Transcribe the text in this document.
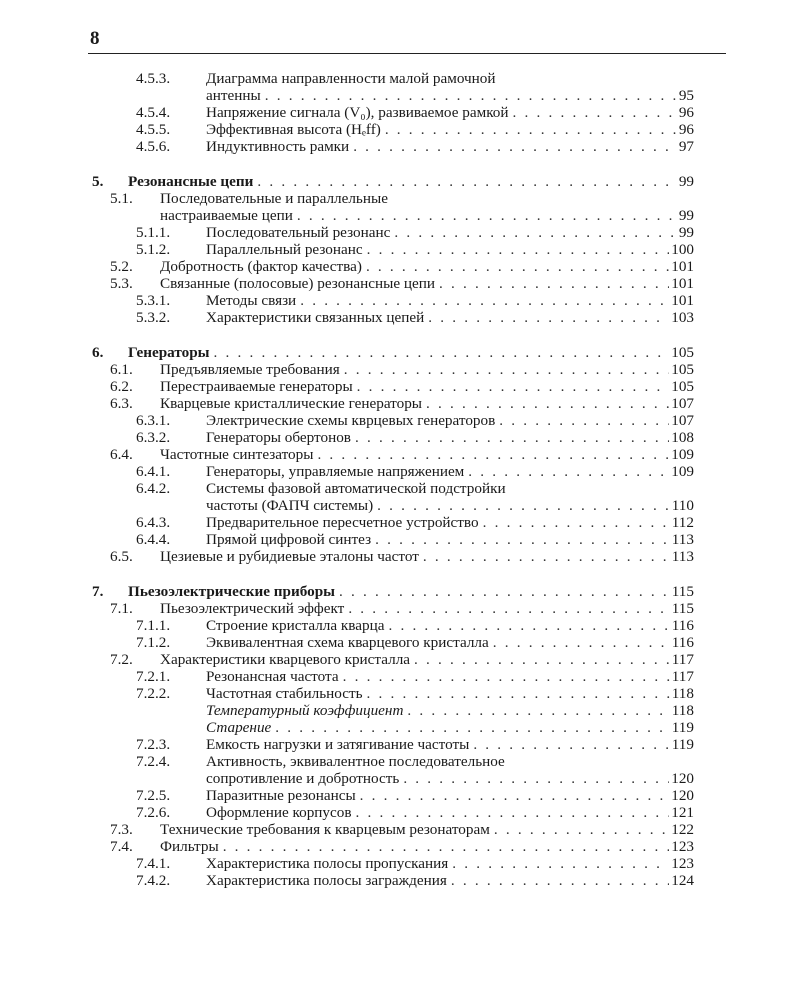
8
4.5.3. Диаграмма направленности малой рамочной
антенны . . .	95
4.5.4. Напряжение сигнала (V₀), развиваемое рамкой . . .	96
4.5.5. Эффективная высота (Hₑff) . . .	96
4.5.6. Индуктивность рамки . . .	97
5. Резонансные цепи . . .	99
5.1. Последовательные и параллельные
настраиваемые цепи . . .	99
5.1.1. Последовательный резонанс . . .	99
5.1.2. Параллельный резонанс . . .	100
5.2. Добротность (фактор качества) . . .	101
5.3. Связанные (полосовые) резонансные цепи . . .	101
5.3.1. Методы связи . . .	101
5.3.2. Характеристики связанных цепей . . .	103
6. Генераторы . . .	105
6.1. Предъявляемые требования . . .	105
6.2. Перестраиваемые генераторы . . .	105
6.3. Кварцевые кристаллические генераторы . . .	107
6.3.1. Электрические схемы кврцевых генераторов . . .	107
6.3.2. Генераторы обертонов . . .	108
6.4. Частотные синтезаторы . . .	109
6.4.1. Генераторы, управляемые напряжением . . .	109
6.4.2. Системы фазовой автоматической подстройки
частоты (ФАПЧ системы) . . .	110
6.4.3. Предварительное пересчетное устройство . . .	112
6.4.4. Прямой цифровой синтез . . .	113
6.5. Цезиевые и рубидиевые эталоны частот . . .	113
7. Пьезоэлектрические приборы . . .	115
7.1. Пьезоэлектрический эффект . . .	115
7.1.1. Строение кристалла кварца . . .	116
7.1.2. Эквивалентная схема кварцевого кристалла . . .	116
7.2. Характеристики кварцевого кристалла . . .	117
7.2.1. Резонансная частота . . .	117
7.2.2. Частотная стабильность . . .	118
Температурный коэффициент . . .	118
Старение . . .	119
7.2.3. Емкость нагрузки и затягивание частоты . . .	119
7.2.4. Активность, эквивалентное последовательное
сопротивление и добротность . . .	120
7.2.5. Паразитные резонансы . . .	120
7.2.6. Оформление корпусов . . .	121
7.3. Технические требования к кварцевым резонаторам . . .	122
7.4. Фильтры . . .	123
7.4.1. Характеристика полосы пропускания . . .	123
7.4.2. Характеристика полосы заграждения . . .	124
